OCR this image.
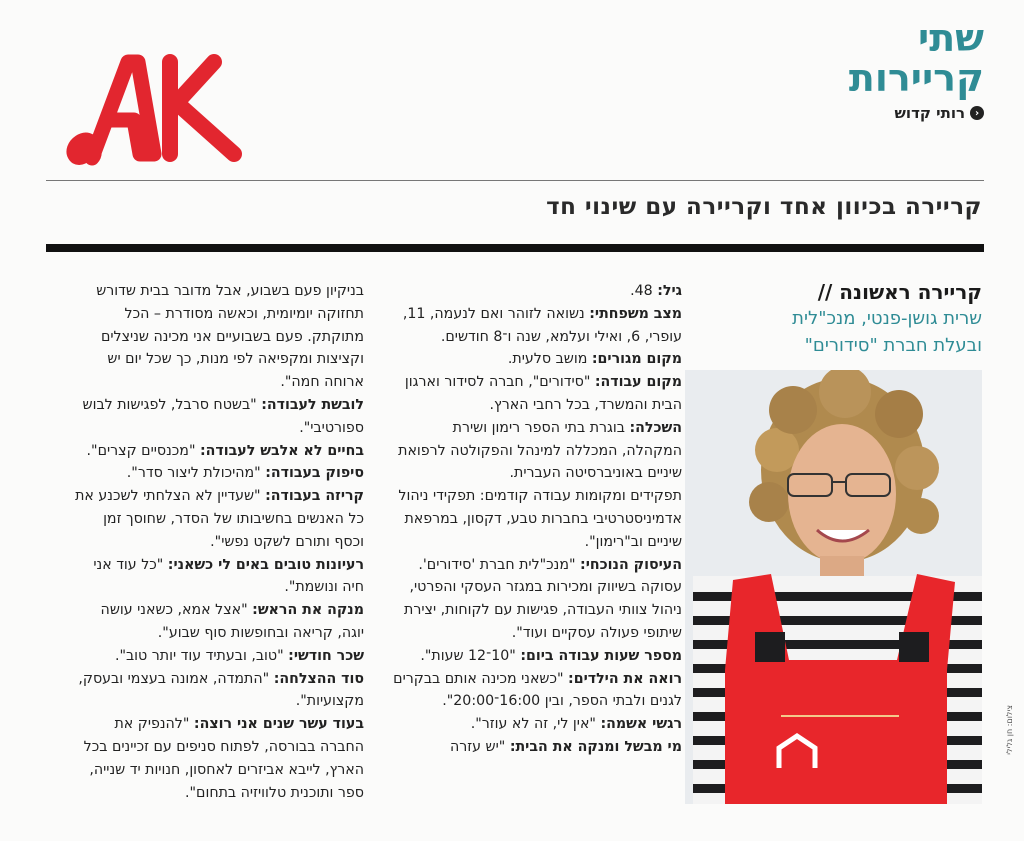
שתי
קריירות
‹
רותי קדוש
קריירה בכיוון אחד וקריירה עם שינוי חד
קריירה ראשונה //
שרית גושן-פנטי, מנכ"לית
ובעלת חברת "סידורים"
צילום: חן גלילי

גיל: 48.

מצב משפחתי: נשואה לזוהר ואם לנעמה, 11, עופרי, 6, ואילי ועלמא, שנה ו־8 חודשים.

מקום מגורים: מושב סלעית.

מקום עבודה: "סידורים", חברה לסידור וארגון הבית והמשרד, בכל רחבי הארץ.

השכלה: בוגרת בתי הספר רימון ושירת המקהלה, המכללה למינהל והפקולטה לרפואת שיניים באוניברסיטה העברית.

תפקידים ומקומות עבודה קודמים: תפקידי ניהול אדמיניסטרטיבי בחברות טבע, דקסון, במרפאת שיניים וב"רימון".

העיסוק הנוכחי: "מנכ"לית חברת 'סידורים'. עסוקה בשיווק ומכירות במגזר העסקי והפרטי, ניהול צוותי העבודה, פגישות עם לקוחות, יצירת שיתופי פעולה עסקיים ועוד".

מספר שעות עבודה ביום: "10־12 שעות".

רואה את הילדים: "כשאני מכינה אותם בבקרים לגנים ולבתי הספר, ובין 16:00־20:00".

רגשי אשמה: "אין לי, זה לא עוזר".

מי מבשל ומנקה את הבית: "יש עזרה

בניקיון פעם בשבוע, אבל מדובר בבית שדורש תחזוקה יומיומית, וכאשה מסודרת – הכל מתוקתק. פעם בשבועיים אני מכינה שניצלים וקציצות ומקפיאה לפי מנות, כך שכל יום יש ארוחה חמה".

לובשת לעבודה: "בשטח סרבל, לפגישות לבוש ספורטיבי".

בחיים לא אלבש לעבודה: "מכנסיים קצרים".

סיפוק בעבודה: "מהיכולת ליצור סדר".

קריזה בעבודה: "שעדיין לא הצלחתי לשכנע את כל האנשים בחשיבותו של הסדר, שחוסך זמן וכסף ותורם לשקט נפשי".

רעיונות טובים באים לי כשאני: "כל עוד אני חיה ונושמת".

מנקה את הראש: "אצל אמא, כשאני עושה יוגה, קריאה ובחופשות סוף שבוע".

שכר חודשי: "טוב, ובעתיד עוד יותר טוב".

סוד ההצלחה: "התמדה, אמונה בעצמי ובעסק, מקצועיות".

בעוד עשר שנים אני רוצה: "להנפיק את החברה בבורסה, לפתוח סניפים עם זכיינים בכל הארץ, לייבא אביזרים לאחסון, חנויות יד שנייה, ספר ותוכנית טלוויזיה בתחום".
